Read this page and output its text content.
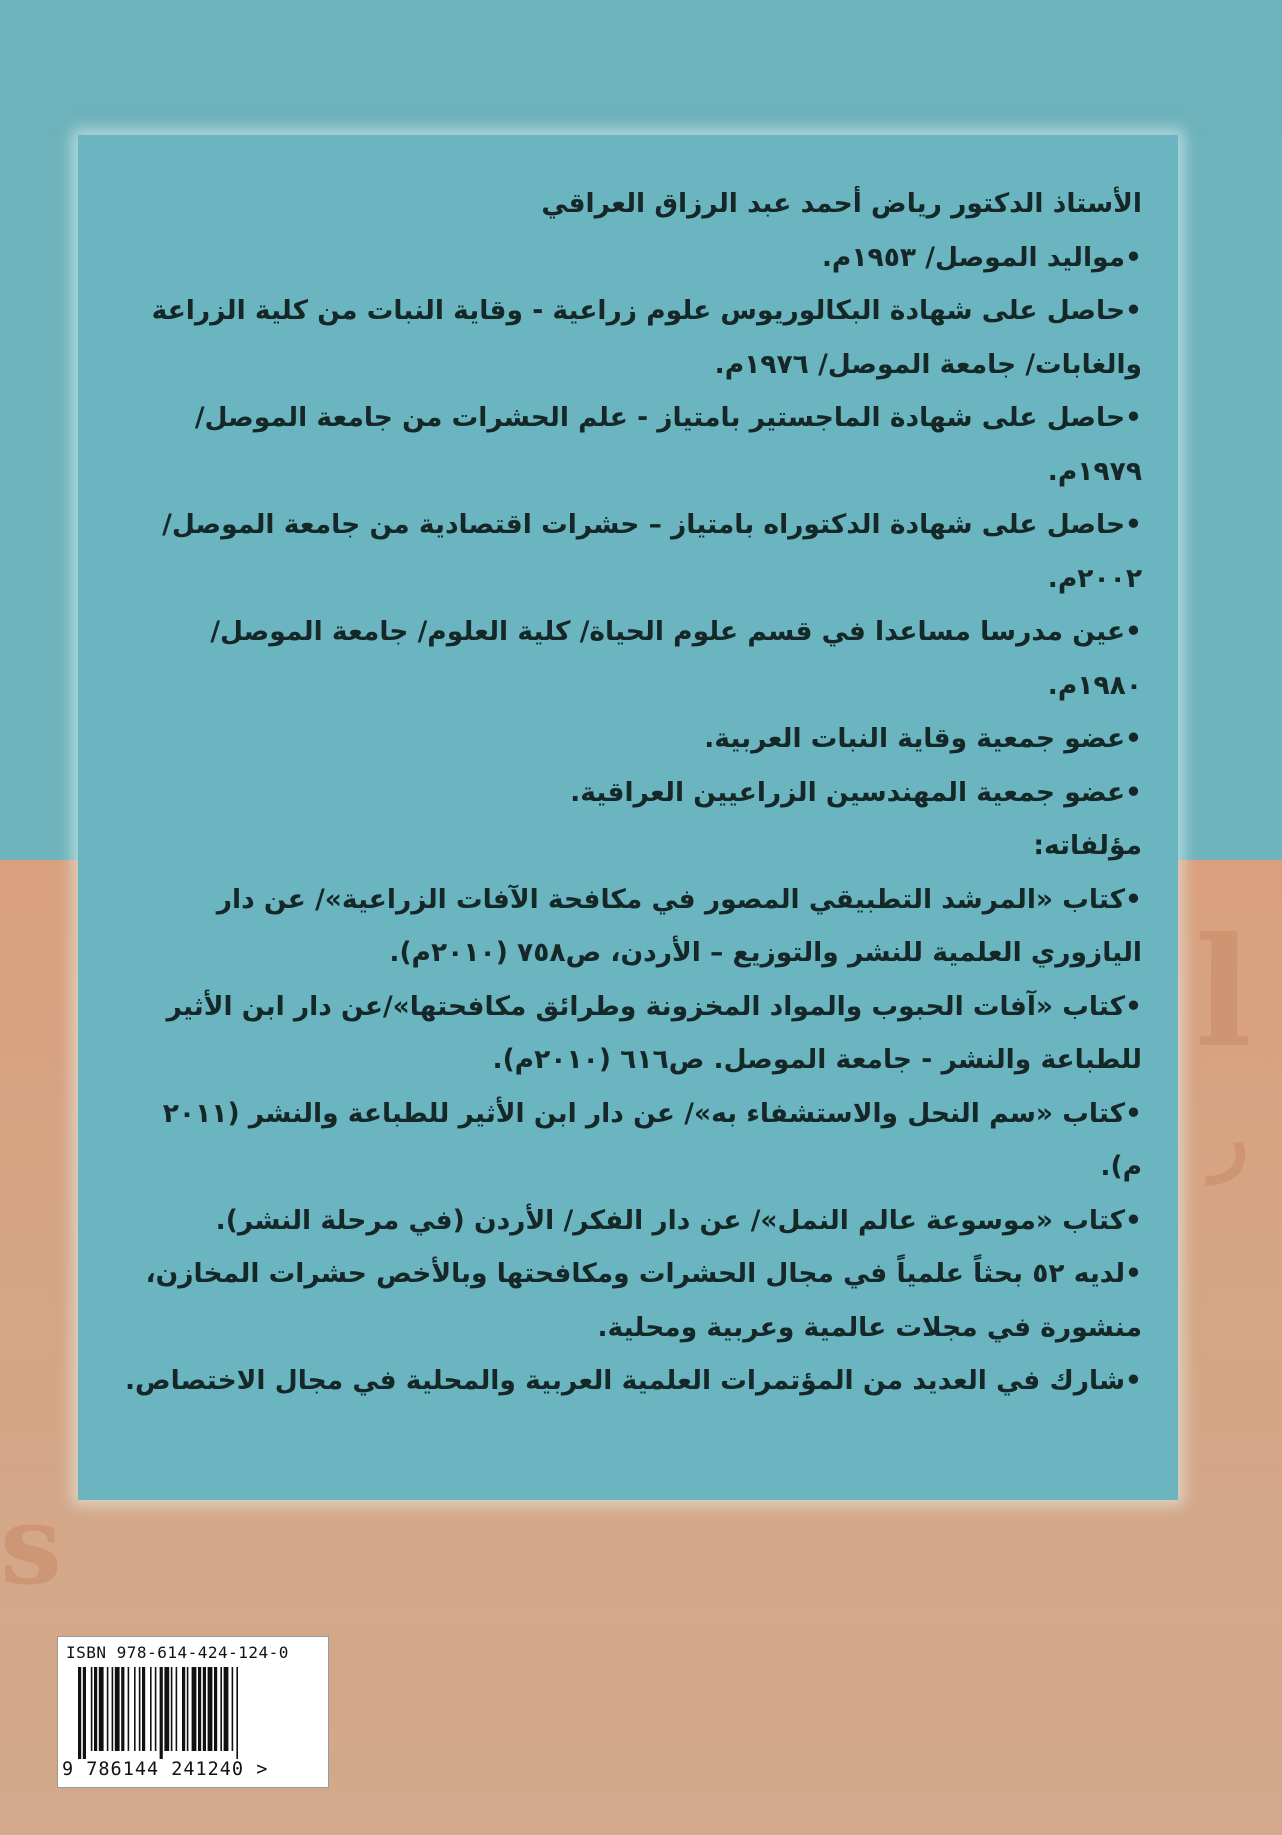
l
ر
s

الأستاذ الدكتور رياض أحمد عبد الرزاق العراقي

•مواليد الموصل/ ١٩٥٣م.

•حاصل على شهادة البكالوريوس علوم زراعية - وقاية النبات من كلية الزراعة والغابات/ جامعة الموصل/ ١٩٧٦م.

•حاصل على شهادة الماجستير بامتياز - علم الحشرات من جامعة الموصل/ ١٩٧٩م.

•حاصل على شهادة الدكتوراه بامتياز – حشرات اقتصادية من جامعة الموصل/ ٢٠٠٢م.

•عين مدرسا مساعدا في قسم علوم الحياة/ كلية العلوم/ جامعة الموصل/ ١٩٨٠م.

•عضو جمعية وقاية النبات العربية.

•عضو جمعية المهندسين الزراعيين العراقية.

مؤلفاته:

•كتاب «المرشد التطبيقي المصور في مكافحة الآفات الزراعية»/ عن دار اليازوري العلمية للنشر والتوزيع – الأردن، ص٧٥٨ (٢٠١٠م).

•كتاب «آفات الحبوب والمواد المخزونة وطرائق مكافحتها»/عن دار ابن الأثير للطباعة والنشر - جامعة الموصل. ص٦١٦ (٢٠١٠م).

•كتاب «سم النحل والاستشفاء به»/ عن دار ابن الأثير للطباعة والنشر (٢٠١١ م).

•كتاب «موسوعة عالم النمل»/ عن دار الفكر/ الأردن (في مرحلة النشر).

•لديه ٥٢ بحثاً علمياً في مجال الحشرات ومكافحتها وبالأخص حشرات المخازن، منشورة في مجلات عالمية وعربية ومحلية.

•شارك في العديد من المؤتمرات العلمية العربية والمحلية في مجال الاختصاص.

ISBN 978-614-424-124-0
9 786144 241240 >
